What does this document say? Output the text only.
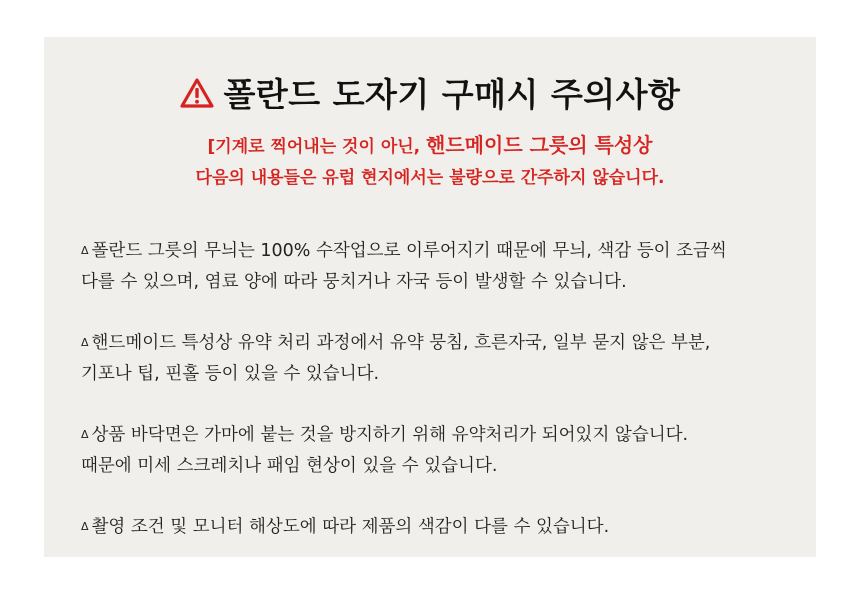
폴란드 도자기 구매시 주의사항
[기계로 찍어내는 것이 아닌, 핸드메이드 그릇의 특성상
다음의 내용들은 유럽 현지에서는 불량으로 간주하지 않습니다.

Δ 폴란드 그릇의 무늬는 100% 수작업으로 이루어지기 때문에 무늬, 색감 등이 조금씩
다를 수 있으며, 염료 양에 따라 뭉치거나 자국 등이 발생할 수 있습니다.

Δ 핸드메이드 특성상 유약 처리 과정에서 유약 뭉침, 흐른자국, 일부 묻지 않은 부분,
기포나 팁, 핀홀 등이 있을 수 있습니다.

Δ 상품 바닥면은 가마에 붙는 것을 방지하기 위해 유약처리가 되어있지 않습니다.
때문에 미세 스크레치나 패임 현상이 있을 수 있습니다.

Δ 촬영 조건 및 모니터 해상도에 따라 제품의 색감이 다를 수 있습니다.
